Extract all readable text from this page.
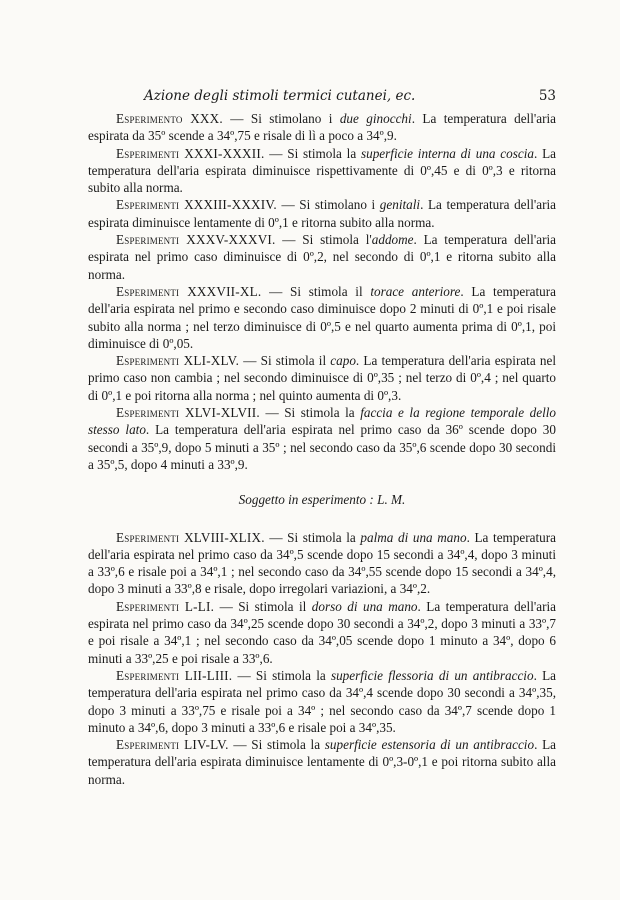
Azione degli stimoli termici cutanei, ec.	53

Esperimento XXX. — Si stimolano i due ginocchi. La temperatura dell'aria espirata da 35º scende a 34º,75 e risale di lì a poco a 34º,9.

Esperimenti XXXI-XXXII. — Si stimola la superficie interna di una coscia. La temperatura dell'aria espirata diminuisce rispettivamente di 0º,45 e di 0º,3 e ritorna subito alla norma.

Esperimenti XXXIII-XXXIV. — Si stimolano i genitali. La temperatura dell'aria espirata diminuisce lentamente di 0º,1 e ritorna subito alla norma.

Esperimenti XXXV-XXXVI. — Si stimola l'addome. La temperatura dell'aria espirata nel primo caso diminuisce di 0º,2, nel secondo di 0º,1 e ritorna subito alla norma.

Esperimenti XXXVII-XL. — Si stimola il torace anteriore. La temperatura dell'aria espirata nel primo e secondo caso diminuisce dopo 2 minuti di 0º,1 e poi risale subito alla norma ; nel terzo diminuisce di 0º,5 e nel quarto aumenta prima di 0º,1, poi diminuisce di 0º,05.

Esperimenti XLI-XLV. — Si stimola il capo. La temperatura dell'aria espirata nel primo caso non cambia ; nel secondo diminuisce di 0º,35 ; nel terzo di 0º,4 ; nel quarto di 0º,1 e poi ritorna alla norma ; nel quinto aumenta di 0º,3.

Esperimenti XLVI-XLVII. — Si stimola la faccia e la regione temporale dello stesso lato. La temperatura dell'aria espirata nel primo caso da 36º scende dopo 30 secondi a 35º,9, dopo 5 minuti a 35º ; nel secondo caso da 35º,6 scende dopo 30 secondi a 35º,5, dopo 4 minuti a 33º,9.

Soggetto in esperimento : L. M.

Esperimenti XLVIII-XLIX. — Si stimola la palma di una mano. La temperatura dell'aria espirata nel primo caso da 34º,5 scende dopo 15 secondi a 34º,4, dopo 3 minuti a 33º,6 e risale poi a 34º,1 ; nel secondo caso da 34º,55 scende dopo 15 secondi a 34º,4, dopo 3 minuti a 33º,8 e risale, dopo irregolari variazioni, a 34º,2.

Esperimenti L-LI. — Si stimola il dorso di una mano. La temperatura dell'aria espirata nel primo caso da 34º,25 scende dopo 30 secondi a 34º,2, dopo 3 minuti a 33º,7 e poi risale a 34º,1 ; nel secondo caso da 34º,05 scende dopo 1 minuto a 34º, dopo 6 minuti a 33º,25 e poi risale a 33º,6.

Esperimenti LII-LIII. — Si stimola la superficie flessoria di un antibraccio. La temperatura dell'aria espirata nel primo caso da 34º,4 scende dopo 30 secondi a 34º,35, dopo 3 minuti a 33º,75 e risale poi a 34º ; nel secondo caso da 34º,7 scende dopo 1 minuto a 34º,6, dopo 3 minuti a 33º,6 e risale poi a 34º,35.

Esperimenti LIV-LV. — Si stimola la superficie estensoria di un antibraccio. La temperatura dell'aria espirata diminuisce lentamente di 0º,3-0º,1 e poi ritorna subito alla norma.
